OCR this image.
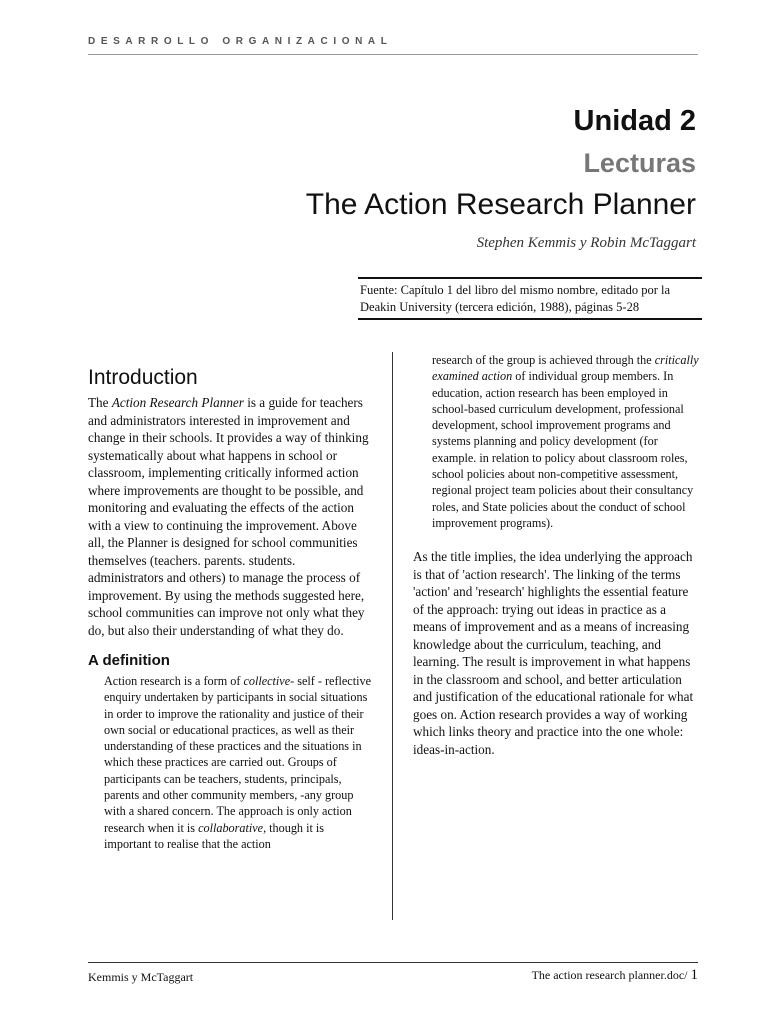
DESARROLLO ORGANIZACIONAL
Unidad 2
Lecturas
The Action Research Planner
Stephen Kemmis y Robin McTaggart
Fuente: Capítulo 1 del libro del mismo nombre, editado por la Deakin University (tercera edición, 1988), páginas 5-28
Introduction

The Action Research Planner is a guide for teachers and administrators interested in improvement and change in their schools. It provides a way of thinking systematically about what happens in school or classroom, implementing critically informed action where improvements are thought to be possible, and monitoring and evaluating the effects of the action with a view to continuing the improvement. Above all, the Planner is designed for school communities themselves (teachers. parents. students. administrators and others) to manage the process of improvement. By using the methods suggested here, school communities can improve not only what they do, but also their understanding of what they do.

A definition

Action research is a form of collective- self - reflective enquiry undertaken by participants in social situations in order to improve the rationality and justice of their own social or educational practices, as well as their understanding of these practices and the situations in which these practices are carried out. Groups of participants can be teachers, students, principals, parents and other community members, -any group with a shared concern. The approach is only action research when it is collaborative, though it is important to realise that the action

research of the group is achieved through the critically examined action of individual group members. In education, action research has been employed in school-based curriculum development, professional development, school improvement programs and systems planning and policy development (for example. in relation to policy about classroom roles, school policies about non-competitive assessment, regional project team policies about their consultancy roles, and State policies about the conduct of school improvement programs).

As the title implies, the idea underlying the approach is that of 'action research'. The linking of the terms 'action' and 'research' highlights the essential feature of the approach: trying out ideas in practice as a means of improvement and as a means of increasing knowledge about the curriculum, teaching, and learning. The result is improvement in what happens in the classroom and school, and better articulation and justification of the educational rationale for what goes on. Action research provides a way of working which links theory and practice into the one whole: ideas-in-action.

Kemmis y McTaggart	The action research planner.doc/ 1
